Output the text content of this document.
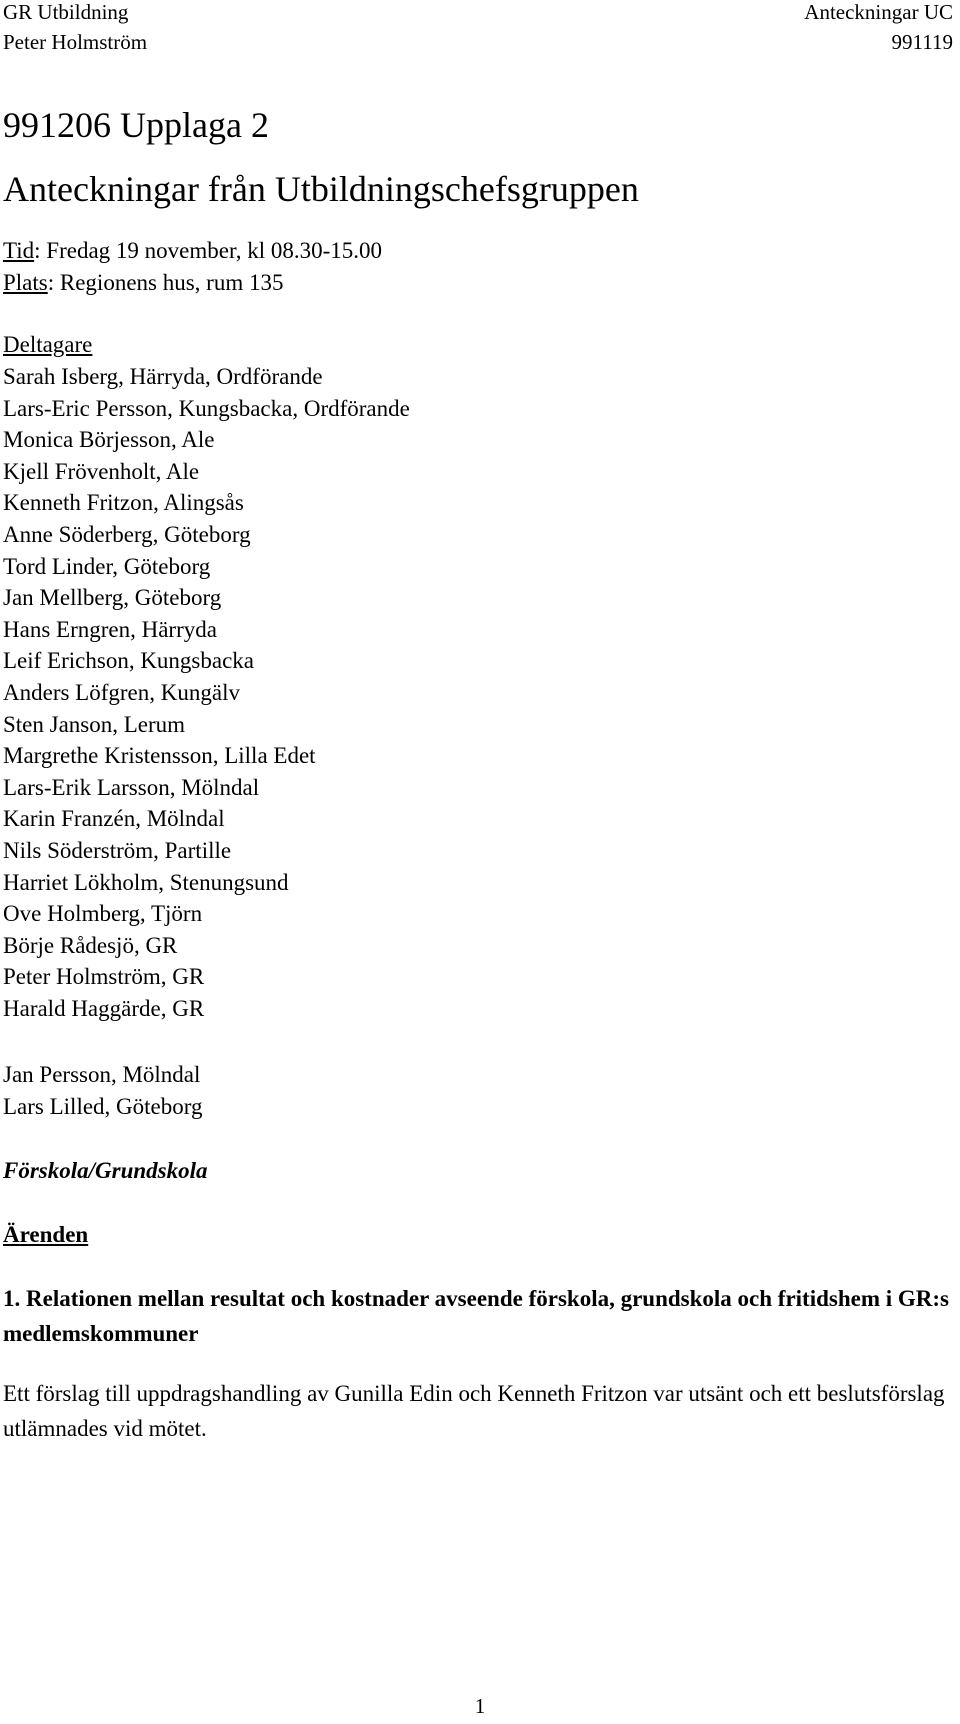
GR Utbildning	Anteckningar UC
Peter Holmström	991119
991206 Upplaga 2
Anteckningar från Utbildningschefsgruppen
Tid: Fredag 19 november, kl 08.30-15.00
Plats: Regionens hus, rum 135
Deltagare
Sarah Isberg, Härryda, Ordförande
Lars-Eric Persson, Kungsbacka, Ordförande
Monica Börjesson, Ale
Kjell Frövenholt, Ale
Kenneth Fritzon, Alingsås
Anne Söderberg, Göteborg
Tord Linder, Göteborg
Jan Mellberg, Göteborg
Hans Erngren, Härryda
Leif Erichson, Kungsbacka
Anders Löfgren, Kungälv
Sten Janson, Lerum
Margrethe Kristensson, Lilla Edet
Lars-Erik Larsson, Mölndal
Karin Franzén, Mölndal
Nils Söderström, Partille
Harriet Lökholm, Stenungsund
Ove Holmberg, Tjörn
Börje Rådesjö, GR
Peter Holmström, GR
Harald Haggärde, GR
Jan Persson, Mölndal
Lars Lilled, Göteborg
Förskola/Grundskola
Ärenden
1. Relationen mellan resultat och kostnader avseende förskola, grundskola och fritidshem i GR:s medlemskommuner
Ett förslag till uppdragshandling av Gunilla Edin och Kenneth Fritzon var utsänt och ett beslutsförslag utlämnades vid mötet.
1
